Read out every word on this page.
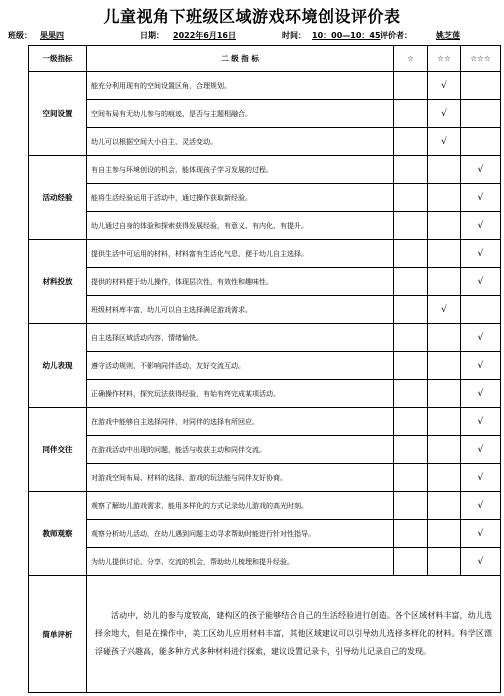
儿童视角下班级区域游戏环境创设评价表
班级： 果果四	日期： 2022年6月16日	时间： 10：00—10：45 评价者：	姚芝莲
一级指标	二 级 指 标	☆	☆☆	☆☆☆
空间设置	能充分利用现有的空间设置区角，合理规划。		√	
	空间布局有无幼儿参与的痕迹、是否与主题相融合。		√	
	幼儿可以根据空间大小自主、灵活变动。		√	
活动经验	有自主参与环境创设的机会，能体现孩子学习发展的过程。			√
	能将生活经验运用于活动中，通过操作获取新经验。			√
	幼儿通过自身的体验和探索获得发展经验，有意义、有内化、有提升。			√
材料投放	提供生活中可运用的材料，材料富有生活化气息，便于幼儿自主选择。			√
	提供的材料便于幼儿操作，体现层次性，有效性和趣味性。			√
	班级材料库丰富，幼儿可以自主选择满足游戏需求。		√	
幼儿表现	自主选择区域活动内容，情绪愉快。			√
	遵守活动规则，不影响同伴活动，友好交流互动。			√
	正确操作材料，探究玩法获得经验，有始有终完成某项活动。			√
同伴交往	在游戏中能够自主选择同伴，对同伴的选择有所回应。			√
	在游戏活动中出现的问题，能活与收获主动和同伴交流。			√
	对游戏空间布局、材料的选择、游戏的玩法能与同伴友好协商。			√
教师观察	观察了解幼儿游戏需求，能用多样化的方式记录幼儿游戏的高光时刻。			√
	观察分析幼儿活动，在幼儿遇到问题主动寻求帮助时能进行针对性指导。			√
	为幼儿提供讨论、分享、交流的机会，帮助幼儿梳理和提升经验。			√
简单评析	活动中，幼儿的参与度较高，建构区的孩子能够结合自己的生活经验进行创造。各个区域材料丰富，幼儿选择余地大，但是在操作中，美工区幼儿应用材料丰富，其他区域建议可以引导幼儿选择多样化的材料。科学区漂浮碰孩子兴趣高，能多种方式多种材料进行探索，建议设置记录卡，引导幼儿记录自己的发现。			
